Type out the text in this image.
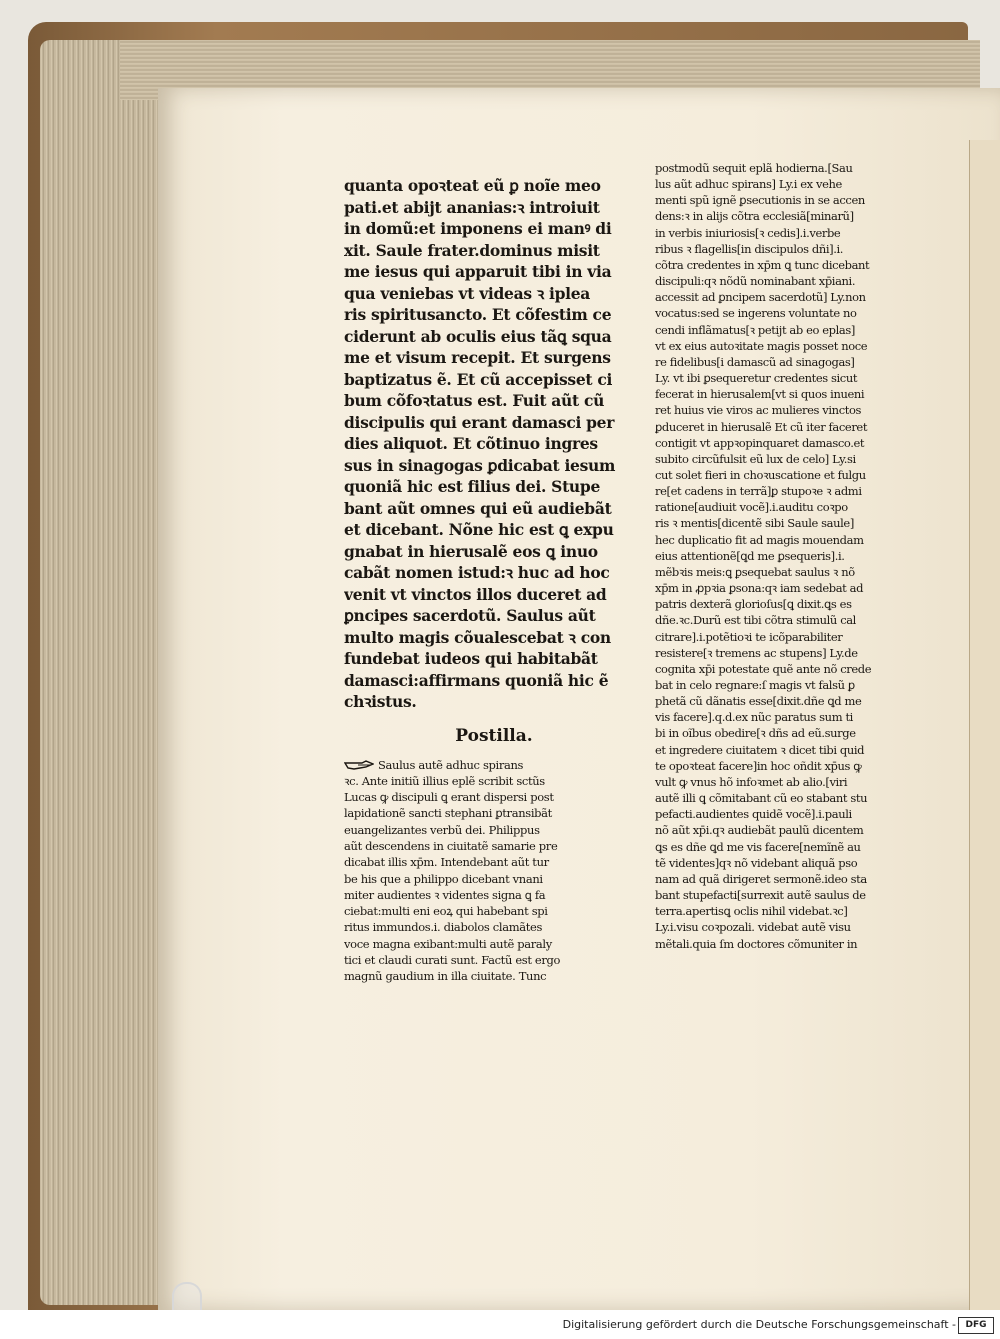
quanta opoꝛteat eũ ꝑ noĩe meo
pati.et abijt ananias:ꝛ introiuit
in domũ:et imponens ei manꝰ di
xit. Saule frater.dominus misit
me iesus qui apparuit tibi in via
qua veniebas vt videas ꝛ iplea
ris spiritusancto. Et cõfestim ce
ciderunt ab oculis eius tãꝗ squa
me et visum recepit. Et surgens
baptizatus ẽ. Et cũ accepisset ci
bum cõfoꝛtatus est. Fuit aũt cũ
discipulis qui erant damasci per
dies aliquot. Et cõtinuo ingres
sus in sinagogas ꝑdicabat iesum
quoniã hic est filius dei. Stupe
bant aũt omnes qui eũ audiebãt
et dicebant. Nõne hic est ꝗ expu
gnabat in hierusalẽ eos ꝗ inuo
cabãt nomen istud:ꝛ huc ad hoc
venit vt vinctos illos duceret ad
ꝑncipes sacerdotũ. Saulus aũt
multo magis cõualescebat ꝛ con
fundebat iudeos qui habitabãt
damasci:affirmans quoniã hic ẽ
chꝛistus.
Postilla.
Saulus autẽ adhuc spirans
ꝛc. Ante initiũ illius eplẽ scribit sctũs
Lucas ꝙ discipuli ꝗ erant dispersi post
lapidationẽ sancti stephani ꝑtransibãt
euangelizantes verbũ dei. Philippus
aũt descendens in ciuitatẽ samarie pre
dicabat illis xp̄m. Intendebant aũt tur
be his que a philippo dicebant vnani
miter audientes ꝛ videntes signa ꝗ fa
ciebat:multi eni eoꝝ qui habebant spi
ritus immundos.i. diabolos clamãtes
voce magna exibant:multi autẽ paraly
tici et claudi curati sunt. Factũ est ergo
magnũ gaudium in illa ciuitate. Tunc
postmodũ sequit eplã hodierna.[Sau
lus aũt adhuc spirans] Ly.i ex vehe
menti spũ ignẽ ꝑsecutionis in se accen
dens:ꝛ in alijs cõtra ecclesiã[minarũ]
in verbis iniuriosis[ꝛ cedis].i.verbe
ribus ꝛ flagellis[in discipulos dñi].i.
cõtra credentes in xp̄m ꝗ tunc dicebant
discipuli:qꝛ nõdũ nominabant xp̄iani.
accessit ad ꝑncipem sacerdotũ] Ly.non
vocatus:sed se ingerens voluntate no
cendi inflãmatus[ꝛ petijt ab eo eplas]
vt ex eius autoꝛitate magis posset noce
re fidelibus[i damascũ ad sinagogas]
Ly. vt ibi ꝑsequeretur credentes sicut
fecerat in hierusalem[vt si quos inueni
ret huius vie viros ac mulieres vinctos
ꝑduceret in hierusalẽ Et cũ iter faceret
contigit vt appꝛopinquaret damasco.et
subito circũfulsit eũ lux de celo] Ly.si
cut solet fieri in choꝛuscatione et fulgu
re[et cadens in terrã]ꝑ stupoꝛe ꝛ admi
ratione[audiuit vocẽ].i.auditu coꝛpo
ris ꝛ mentis[dicentẽ sibi Saule saule]
hec duplicatio fit ad magis mouendam
eius attentionẽ[ꝗd me ꝑsequeris].i.
mẽbꝛis meis:ꝗ ꝑsequebat saulus ꝛ nõ
xp̄m in ꝓpꝛia ꝑsona:qꝛ iam sedebat ad
patris dexterã glorioſus[ꝗ dixit.ꝗs es
dñe.ꝛc.Durũ est tibi cõtra stimulũ cal
citrare].i.potẽtioꝛi te icõparabiliter
resistere[ꝛ tremens ac stupens] Ly.de
cognita xp̄i potestate quẽ ante nõ crede
bat in celo regnare:ſ magis vt falsũ ꝑ
phetã cũ dãnatis esse[dixit.dñe ꝗd me
vis facere].q.d.ex nũc paratus sum ti
bi in oĩbus obedire[ꝛ dñs ad eũ.surge
et ingredere ciuitatem ꝛ dicet tibi quid
te opoꝛteat facere]in hoc oñdit xp̄us ꝙ
vult ꝙ vnus hõ infoꝛmet ab alio.[viri
autẽ illi ꝗ cõmitabant cũ eo stabant stu
pefacti.audientes quidẽ vocẽ].i.pauli
nõ aũt xp̄i.qꝛ audiebãt paulũ dicentem
ꝗs es dñe ꝗd me vis facere[nemĩnẽ au
tẽ videntes]qꝛ nõ videbant aliquã pso
nam ad quã dirigeret sermonẽ.ideo sta
bant stupefacti[surrexit autẽ saulus de
terra.apertisꝗ oclis nihil videbat.ꝛc]
Ly.i.visu coꝛpozali. videbat autẽ visu
mẽtali.quia ſm doctores cõmuniter in
Digitalisierung gefördert durch die Deutsche Forschungsgemeinschaft -	DFG
